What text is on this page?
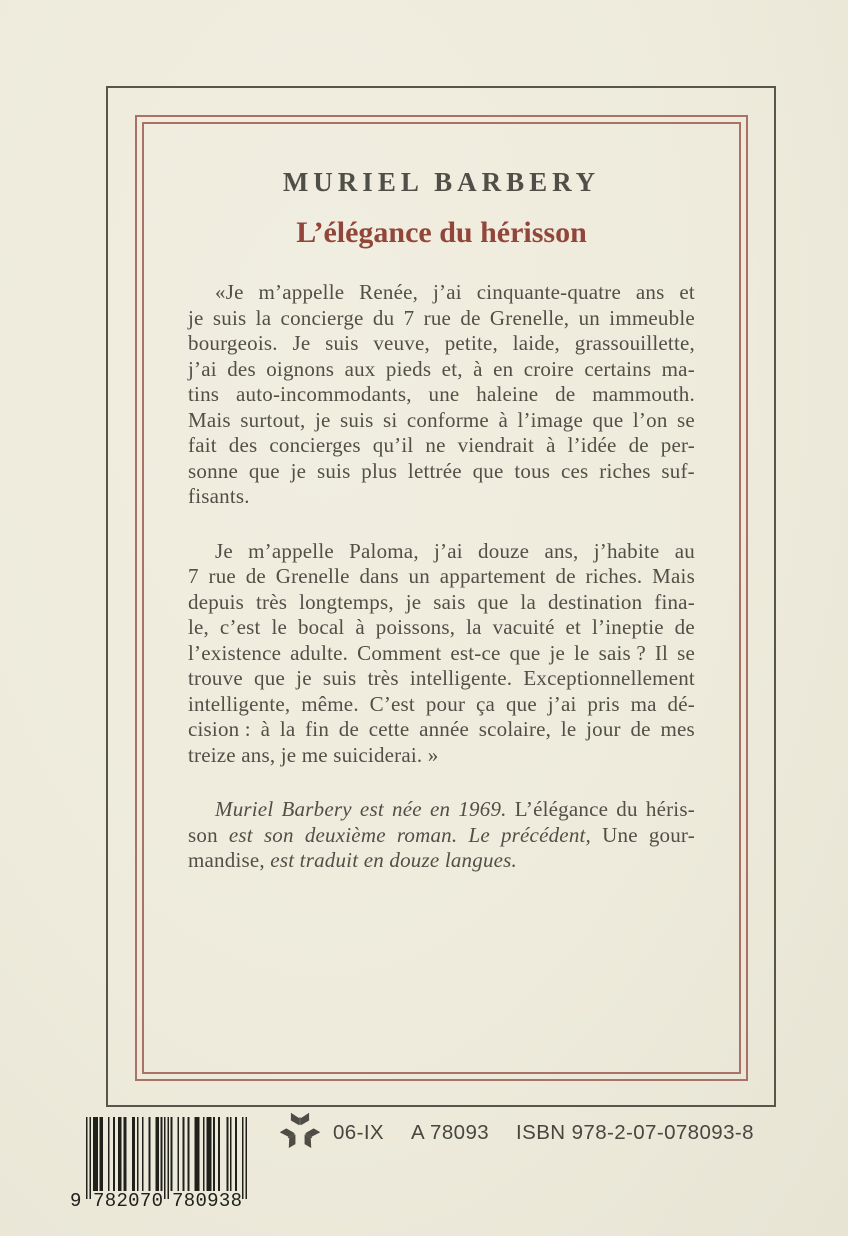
MURIEL BARBERY
L’élégance du hérisson
«Je m’appelle Renée, j’ai cinquante-quatre ans et
je suis la concierge du 7 rue de Grenelle, un immeuble
bourgeois. Je suis veuve, petite, laide, grassouillette,
j’ai des oignons aux pieds et, à en croire certains ma-
tins auto-incommodants, une haleine de mammouth.
Mais surtout, je suis si conforme à l’image que l’on se
fait des concierges qu’il ne viendrait à l’idée de per-
sonne que je suis plus lettrée que tous ces riches suf-
fisants.
Je m’appelle Paloma, j’ai douze ans, j’habite au
7 rue de Grenelle dans un appartement de riches. Mais
depuis très longtemps, je sais que la destination fina-
le, c’est le bocal à poissons, la vacuité et l’ineptie de
l’existence adulte. Comment est-ce que je le sais ? Il se
trouve que je suis très intelligente. Exceptionnellement
intelligente, même. C’est pour ça que j’ai pris ma dé-
cision : à la fin de cette année scolaire, le jour de mes
treize ans, je me suiciderai. »
Muriel Barbery est née en 1969. L’élégance du héris-
son est son deuxième roman. Le précédent, Une gour-
mandise, est traduit en douze langues.
9 7 8 2 0 7 0 7 8 0 9 3 8
06-IX A 78093 ISBN 978-2-07-078093-8
